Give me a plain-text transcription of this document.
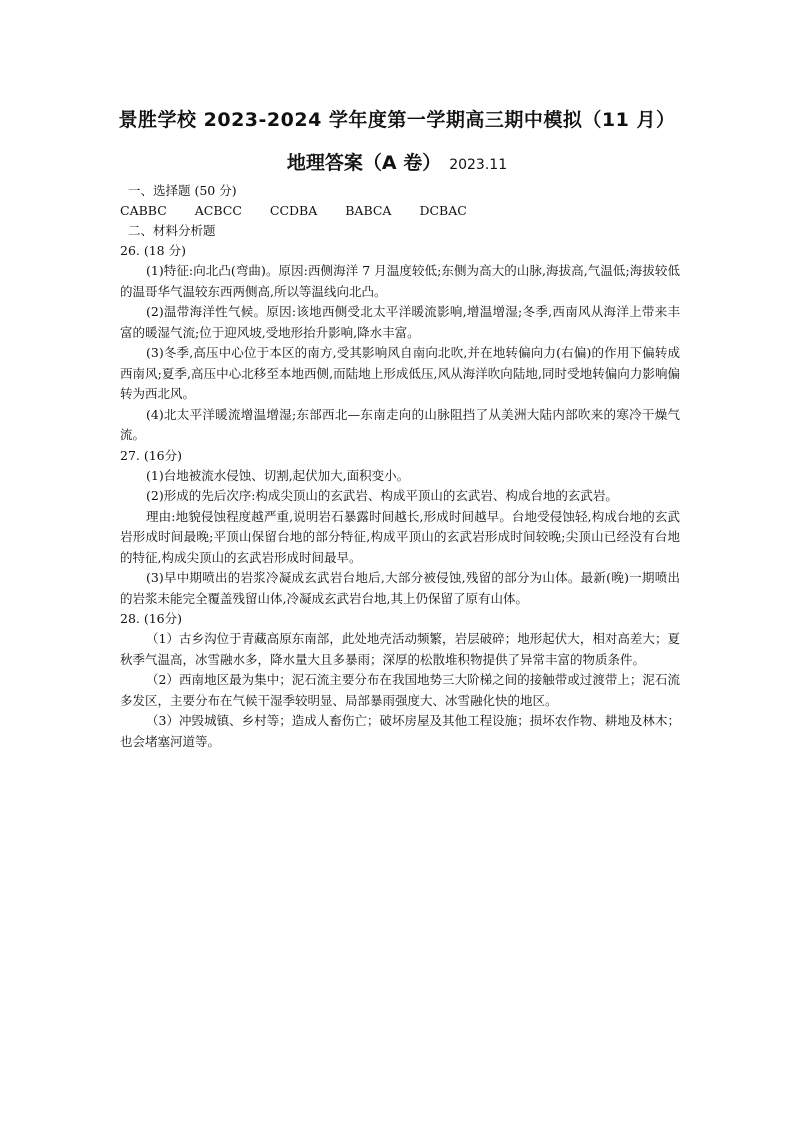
景胜学校 2023-2024 学年度第一学期高三期中模拟（11 月）
地理答案（A 卷） 2023.11
一、选择题 (50 分)
CABBC ACBCC CCDBA BABCA DCBAC
二、材料分析题
26. (18 分)
(1)特征:向北凸(弯曲)。原因:西侧海洋 7 月温度较低;东侧为高大的山脉,海拔高,气温低;海拔较低的温哥华气温较东西两侧高,所以等温线向北凸。
(2)温带海洋性气候。原因:该地西侧受北太平洋暖流影响,增温增湿;冬季,西南风从海洋上带来丰富的暖湿气流;位于迎风坡,受地形抬升影响,降水丰富。
(3)冬季,高压中心位于本区的南方,受其影响风自南向北吹,并在地转偏向力(右偏)的作用下偏转成西南风;夏季,高压中心北移至本地西侧,而陆地上形成低压,风从海洋吹向陆地,同时受地转偏向力影响偏转为西北风。
(4)北太平洋暖流增温增湿;东部西北—东南走向的山脉阻挡了从美洲大陆内部吹来的寒冷干燥气流。
27. (16分)
(1)台地被流水侵蚀、切割,起伏加大,面积变小。
(2)形成的先后次序:构成尖顶山的玄武岩、构成平顶山的玄武岩、构成台地的玄武岩。
理由:地貌侵蚀程度越严重,说明岩石暴露时间越长,形成时间越早。台地受侵蚀轻,构成台地的玄武岩形成时间最晚;平顶山保留台地的部分特征,构成平顶山的玄武岩形成时间较晚;尖顶山已经没有台地的特征,构成尖顶山的玄武岩形成时间最早。
(3)早中期喷出的岩浆冷凝成玄武岩台地后,大部分被侵蚀,残留的部分为山体。最新(晚)一期喷出的岩浆未能完全覆盖残留山体,冷凝成玄武岩台地,其上仍保留了原有山体。
28. (16分)
（1）古乡沟位于青藏高原东南部，此处地壳活动频繁，岩层破碎；地形起伏大，相对高差大；夏秋季气温高，冰雪融水多，降水量大且多暴雨；深厚的松散堆积物提供了异常丰富的物质条件。
（2）西南地区最为集中；泥石流主要分布在我国地势三大阶梯之间的接触带或过渡带上；泥石流多发区，主要分布在气候干湿季较明显、局部暴雨强度大、冰雪融化快的地区。
（3）冲毁城镇、乡村等；造成人畜伤亡；破坏房屋及其他工程设施；损坏农作物、耕地及林木；也会堵塞河道等。
